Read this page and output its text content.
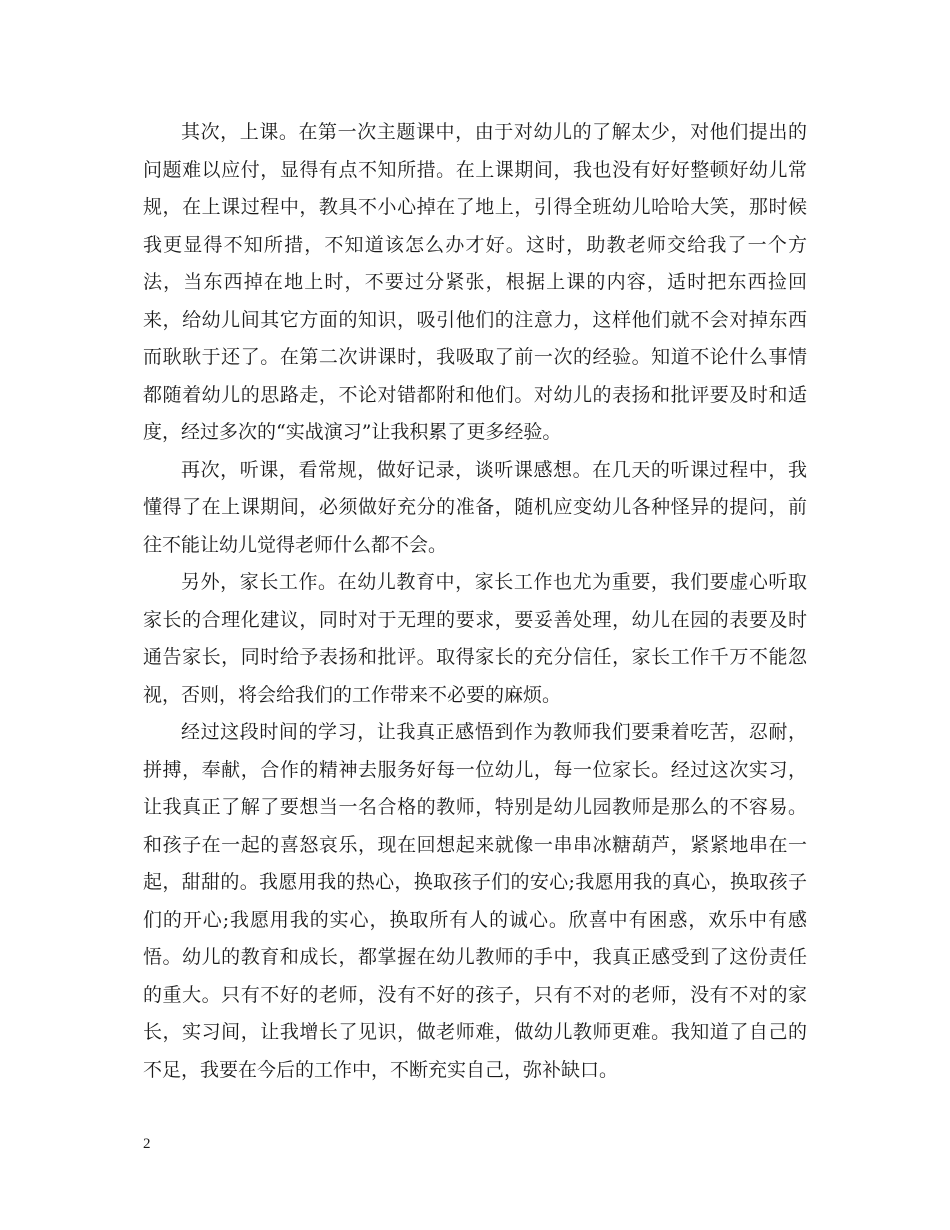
其次，上课。在第一次主题课中，由于对幼儿的了解太少，对他们提出的问题难以应付，显得有点不知所措。在上课期间，我也没有好好整顿好幼儿常规，在上课过程中，教具不小心掉在了地上，引得全班幼儿哈哈大笑，那时候我更显得不知所措，不知道该怎么办才好。这时，助教老师交给我了一个方法，当东西掉在地上时，不要过分紧张，根据上课的内容，适时把东西捡回来，给幼儿间其它方面的知识，吸引他们的注意力，这样他们就不会对掉东西而耿耿于还了。在第二次讲课时，我吸取了前一次的经验。知道不论什么事情都随着幼儿的思路走，不论对错都附和他们。对幼儿的表扬和批评要及时和适度，经过多次的“实战演习”让我积累了更多经验。

再次，听课，看常规，做好记录，谈听课感想。在几天的听课过程中，我懂得了在上课期间，必须做好充分的准备，随机应变幼儿各种怪异的提问，前往不能让幼儿觉得老师什么都不会。

另外，家长工作。在幼儿教育中，家长工作也尤为重要，我们要虚心听取家长的合理化建议，同时对于无理的要求，要妥善处理，幼儿在园的表要及时通告家长，同时给予表扬和批评。取得家长的充分信任，家长工作千万不能忽视，否则，将会给我们的工作带来不必要的麻烦。

经过这段时间的学习，让我真正感悟到作为教师我们要秉着吃苦，忍耐，拼搏，奉献，合作的精神去服务好每一位幼儿，每一位家长。经过这次实习，让我真正了解了要想当一名合格的教师，特别是幼儿园教师是那么的不容易。和孩子在一起的喜怒哀乐，现在回想起来就像一串串冰糖葫芦，紧紧地串在一起，甜甜的。我愿用我的热心，换取孩子们的安心;我愿用我的真心，换取孩子们的开心;我愿用我的实心，换取所有人的诚心。欣喜中有困惑，欢乐中有感悟。幼儿的教育和成长，都掌握在幼儿教师的手中，我真正感受到了这份责任的重大。只有不好的老师，没有不好的孩子，只有不对的老师，没有不对的家长，实习间，让我增长了见识，做老师难，做幼儿教师更难。我知道了自己的不足，我要在今后的工作中，不断充实自己，弥补缺口。

2
